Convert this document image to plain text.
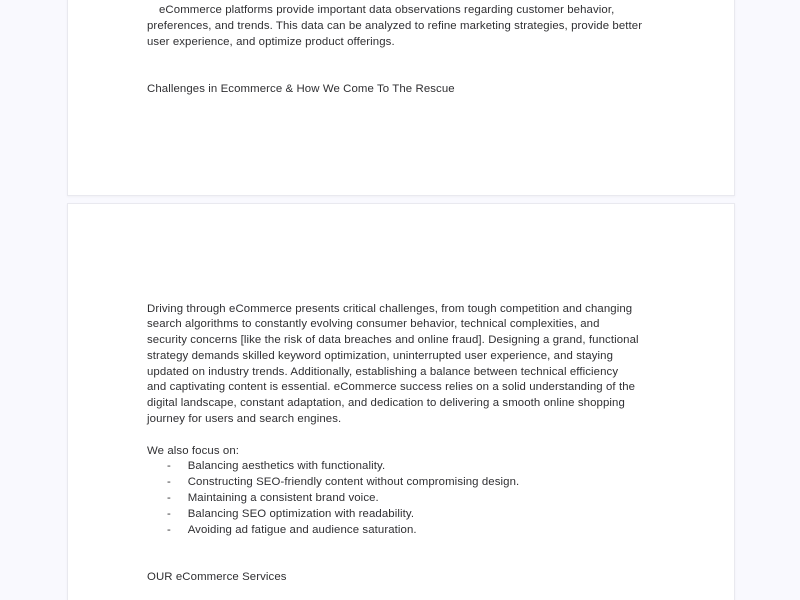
eCommerce platforms provide important data observations regarding customer behavior,
preferences, and trends. This data can be analyzed to refine marketing strategies, provide better
user experience, and optimize product offerings.
Challenges in Ecommerce & How We Come To The Rescue
Driving through eCommerce presents critical challenges, from tough competition and changing
search algorithms to constantly evolving consumer behavior, technical complexities, and
security concerns [like the risk of data breaches and online fraud]. Designing a grand, functional
strategy demands skilled keyword optimization, uninterrupted user experience, and staying
updated on industry trends. Additionally, establishing a balance between technical efficiency
and captivating content is essential. eCommerce success relies on a solid understanding of the
digital landscape, constant adaptation, and dedication to delivering a smooth online shopping
journey for users and search engines.
We also focus on:
-	Balancing aesthetics with functionality.
-	Constructing SEO-friendly content without compromising design.
-	Maintaining a consistent brand voice.
-	Balancing SEO optimization with readability.
-	Avoiding ad fatigue and audience saturation.
OUR eCommerce Services
